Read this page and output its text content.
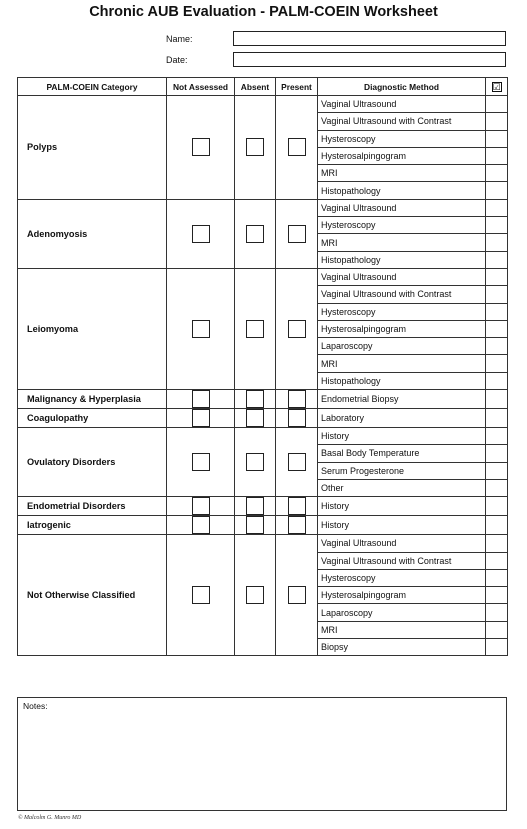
Chronic AUB Evaluation - PALM-COEIN Worksheet
Name:
Date:
PALM-COEIN Category	Not Assessed	Absent	Present	Diagnostic Method	☑
Polyps				Vaginal Ultrasound	
				Vaginal Ultrasound with Contrast	
				Hysteroscopy	
				Hysterosalpingogram	
				MRI	
				Histopathology	
Adenomyosis				Vaginal Ultrasound	
				Hysteroscopy	
				MRI	
				Histopathology	
Leiomyoma				Vaginal Ultrasound	
				Vaginal Ultrasound with Contrast	
				Hysteroscopy	
				Hysterosalpingogram	
				Laparoscopy	
				MRI	
				Histopathology	
Malignancy & Hyperplasia				Endometrial Biopsy	
Coagulopathy				Laboratory	
Ovulatory Disorders				History	
				Basal Body Temperature	
				Serum Progesterone	
				Other	
Endometrial Disorders				History	
Iatrogenic				History	
Not Otherwise Classified				Vaginal Ultrasound	
				Vaginal Ultrasound with Contrast	
				Hysteroscopy	
				Hysterosalpingogram	
				Laparoscopy	
				MRI	
				Biopsy	
Notes:
© Malcolm G. Munro MD
